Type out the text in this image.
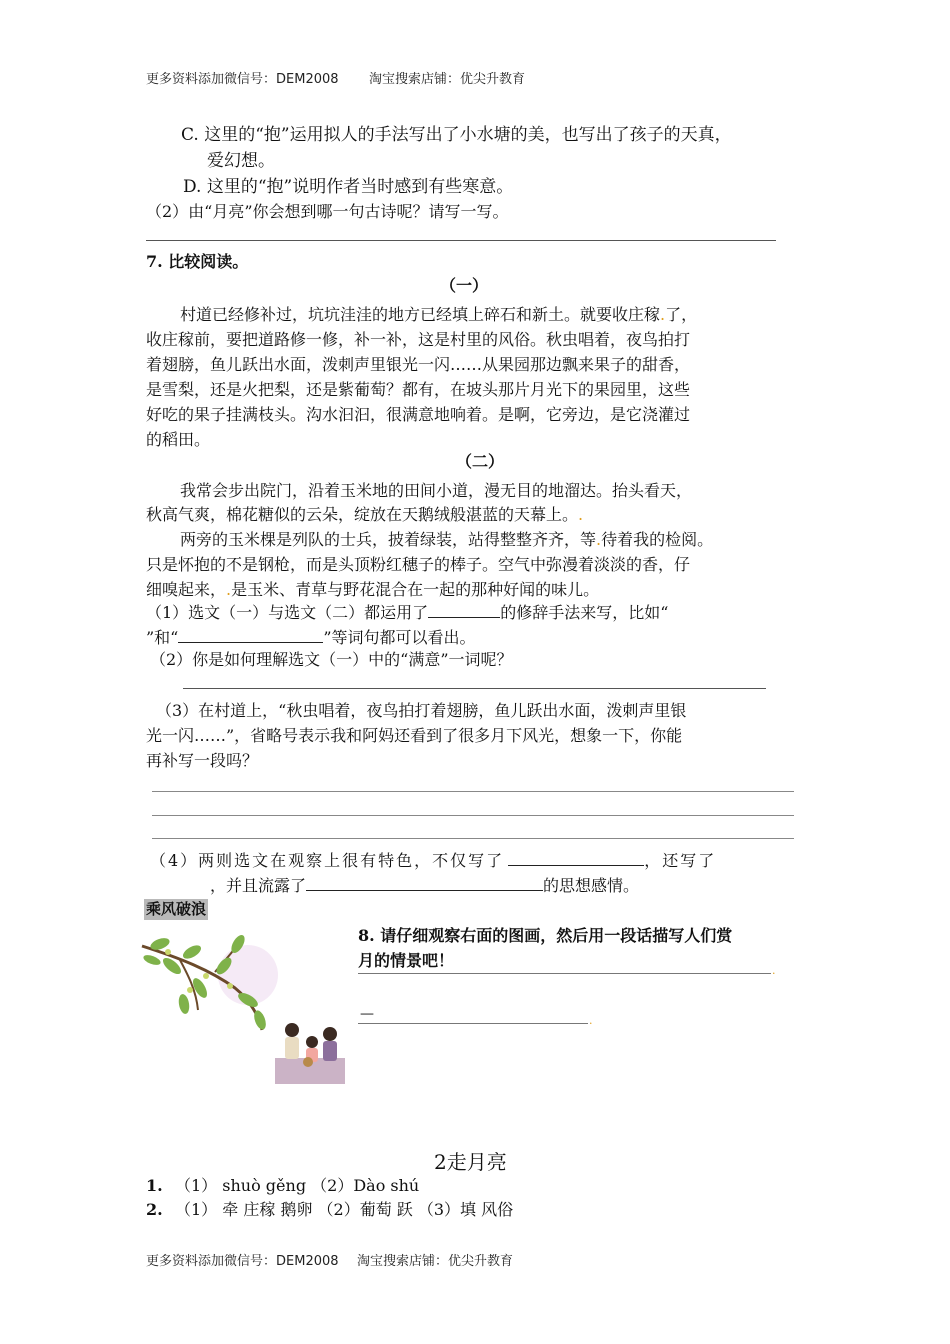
更多资料添加微信号：DEM2008 淘宝搜索店铺：优尖升教育
C. 这里的“抱”运用拟人的手法写出了小水塘的美，也写出了孩子的天真，
爱幻想。
D. 这里的“抱”说明作者当时感到有些寒意。
（2）由“月亮”你会想到哪一句古诗呢？请写一写。
7. 比较阅读。
（一）
村道已经修补过，坑坑洼洼的地方已经填上碎石和新土。就要收庄稼.了，
收庄稼前，要把道路修一修，补一补，这是村里的风俗。秋虫唱着，夜鸟拍打
着翅膀，鱼儿跃出水面，泼刺声里银光一闪……从果园那边飘来果子的甜香，
是雪梨，还是火把梨，还是紫葡萄？都有，在坡头那片月光下的果园里，这些
好吃的果子挂满枝头。沟水汩汩，很满意地响着。是啊，它旁边，是它浇灌过
的稻田。
（二）
我常会步出院门，沿着玉米地的田间小道，漫无目的地溜达。抬头看天，
秋高气爽，棉花糖似的云朵，绽放在天鹅绒般湛蓝的天幕上。.
两旁的玉米棵是列队的士兵，披着绿装，站得整整齐齐，等.待着我的检阅。
只是怀抱的不是钢枪，而是头顶粉红穗子的棒子。空气中弥漫着淡淡的香，仔
细嗅起来，.是玉米、青草与野花混合在一起的那种好闻的味儿。
（1）选文（一）与选文（二）都运用了	的修辞手法来写，比如“
”和“	”等词句都可以看出。
（2）你是如何理解选文（一）中的“满意”一词呢？
（3）在村道上，“秋虫唱着，夜鸟拍打着翅膀，鱼儿跃出水面，泼刺声里银
光一闪……”，省略号表示我和阿妈还看到了很多月下风光，想象一下，你能
再补写一段吗？
（4）两则选文在观察上很有特色，不仅写了	，还写了
，并且流露了	的思想感情。
乘风破浪
8. 请仔细观察右面的图画，然后用一段话描写人们赏
月的情景吧！
.
—	.
2走月亮
1. （1） shuò gěng （2）Dào shú
2. （1） 牵 庄稼 鹅卵 （2）葡萄 跃 （3）填 风俗
更多资料添加微信号：DEM2008 淘宝搜索店铺：优尖升教育
